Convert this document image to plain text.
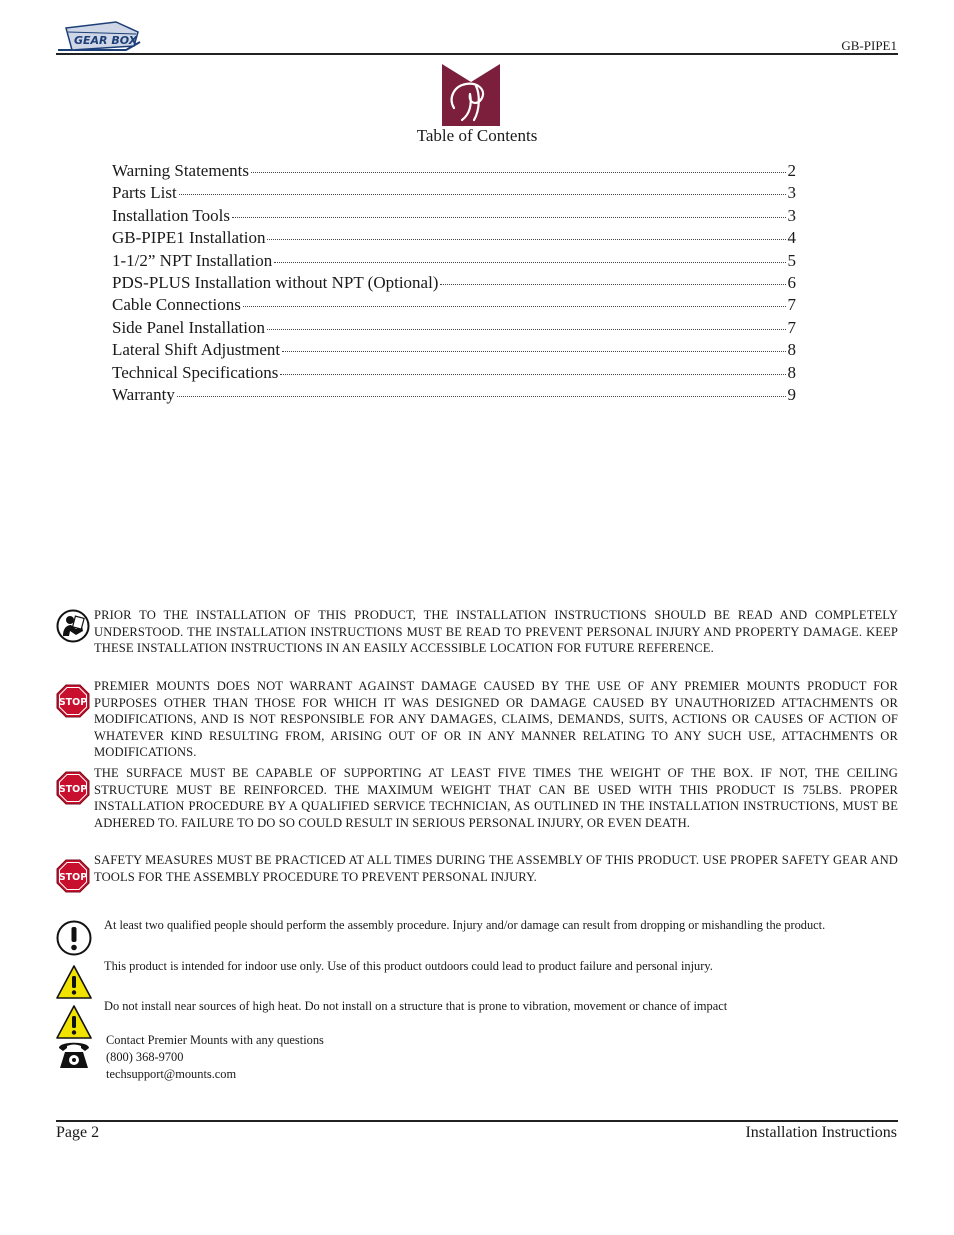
GEAR BOX	GB-PIPE1
Table of Contents
Warning Statements	2
Parts List	3
Installation Tools	3
GB-PIPE1 Installation	4
1-1/2” NPT Installation	5
PDS-PLUS Installation without NPT (Optional)	6
Cable Connections	7
Side Panel Installation	7
Lateral Shift Adjustment	8
Technical Specifications	8
Warranty	9
PRIOR TO THE INSTALLATION OF THIS PRODUCT, THE INSTALLATION INSTRUCTIONS SHOULD BE READ AND COMPLETELY UNDERSTOOD. THE INSTALLATION INSTRUCTIONS MUST BE READ TO PREVENT PERSONAL INJURY AND PROPERTY DAMAGE. KEEP THESE INSTALLATION INSTRUCTIONS IN AN EASILY ACCESSIBLE LOCATION FOR FUTURE REFERENCE.
STOP
PREMIER MOUNTS DOES NOT WARRANT AGAINST DAMAGE CAUSED BY THE USE OF ANY PREMIER MOUNTS PRODUCT FOR PURPOSES OTHER THAN THOSE FOR WHICH IT WAS DESIGNED OR DAMAGE CAUSED BY UNAUTHORIZED ATTACHMENTS OR MODIFICATIONS, AND IS NOT RESPONSIBLE FOR ANY DAMAGES, CLAIMS, DEMANDS, SUITS, ACTIONS OR CAUSES OF ACTION OF WHATEVER KIND RESULTING FROM, ARISING OUT OF OR IN ANY MANNER RELATING TO ANY SUCH USE, ATTACHMENTS OR MODIFICATIONS.
STOP
THE SURFACE MUST BE CAPABLE OF SUPPORTING AT LEAST FIVE TIMES THE WEIGHT OF THE BOX. IF NOT, THE CEILING STRUCTURE MUST BE REINFORCED. THE MAXIMUM WEIGHT THAT CAN BE USED WITH THIS PRODUCT IS 75LBS. PROPER INSTALLATION PROCEDURE BY A QUALIFIED SERVICE TECHNICIAN, AS OUTLINED IN THE INSTALLATION INSTRUCTIONS, MUST BE ADHERED TO. FAILURE TO DO SO COULD RESULT IN SERIOUS PERSONAL INJURY, OR EVEN DEATH.
STOP
SAFETY MEASURES MUST BE PRACTICED AT ALL TIMES DURING THE ASSEMBLY OF THIS PRODUCT. USE PROPER SAFETY GEAR AND TOOLS FOR THE ASSEMBLY PROCEDURE TO PREVENT PERSONAL INJURY.
At least two qualified people should perform the assembly procedure. Injury and/or damage can result from dropping or mishandling the product.
This product is intended for indoor use only. Use of this product outdoors could lead to product failure and personal injury.
Do not install near sources of high heat. Do not install on a structure that is prone to vibration, movement or chance of impact
Contact Premier Mounts with any questions
(800) 368-9700
techsupport@mounts.com
Page 2	Installation Instructions
